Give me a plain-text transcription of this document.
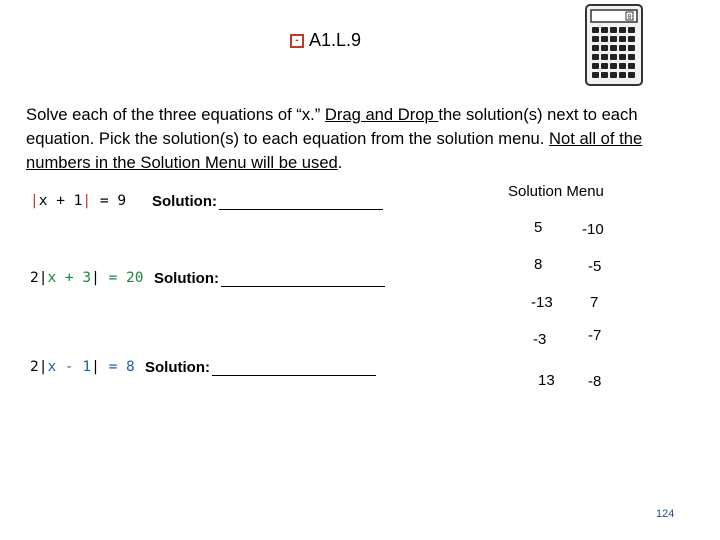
- A1.L.9
0
Solve each of the three equations of “x.” Drag and Drop the solution(s) next to each equation. Pick the solution(s) to each equation from the solution menu. Not all of the numbers in the Solution Menu will be used.
|x + 1| = 9 Solution:
2|x + 3| = 20 Solution:
2|x - 1| = 8 Solution:
Solution Menu
5	-10
8	-5
-13 7
-3	-7
13 -8
124
